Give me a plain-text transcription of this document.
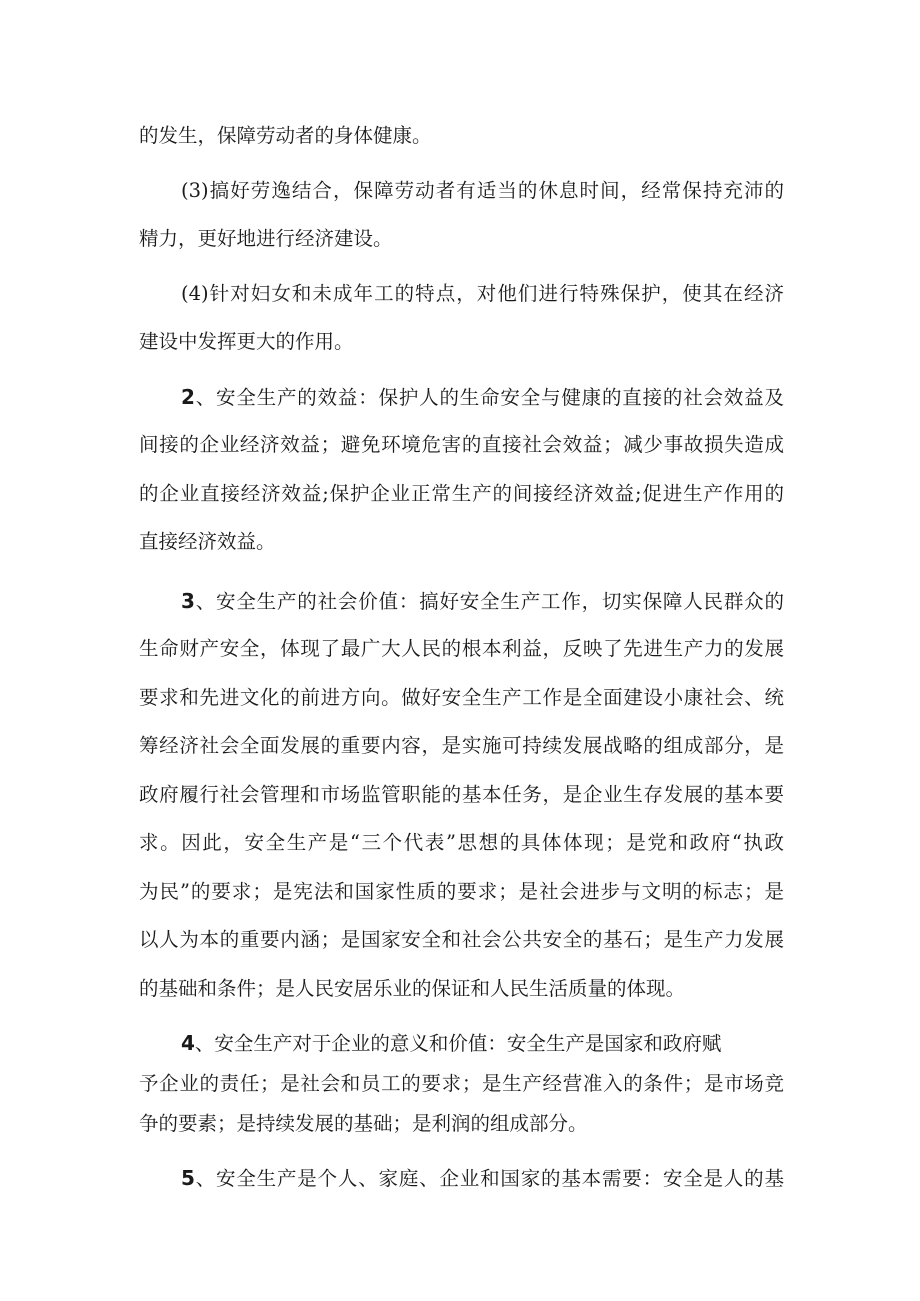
的发生，保障劳动者的身体健康。
(3)搞好劳逸结合，保障劳动者有适当的休息时间，经常保持充沛的
精力，更好地进行经济建设。
(4)针对妇女和未成年工的特点，对他们进行特殊保护，使其在经济
建设中发挥更大的作用。
2、安全生产的效益：保护人的生命安全与健康的直接的社会效益及
间接的企业经济效益；避免环境危害的直接社会效益；减少事故损失造成
的企业直接经济效益;保护企业正常生产的间接经济效益;促进生产作用的
直接经济效益。
3、安全生产的社会价值：搞好安全生产工作，切实保障人民群众的
生命财产安全，体现了最广大人民的根本利益，反映了先进生产力的发展
要求和先进文化的前进方向。做好安全生产工作是全面建设小康社会、统
筹经济社会全面发展的重要内容，是实施可持续发展战略的组成部分，是
政府履行社会管理和市场监管职能的基本任务，是企业生存发展的基本要
求。因此，安全生产是“三个代表”思想的具体体现；是党和政府“执政
为民”的要求；是宪法和国家性质的要求；是社会进步与文明的标志；是
以人为本的重要内涵；是国家安全和社会公共安全的基石；是生产力发展
的基础和条件；是人民安居乐业的保证和人民生活质量的体现。
4、安全生产对于企业的意义和价值：安全生产是国家和政府赋
予企业的责任；是社会和员工的要求；是生产经营准入的条件；是市场竞
争的要素；是持续发展的基础；是利润的组成部分。
5、安全生产是个人、家庭、企业和国家的基本需要：安全是人的基
